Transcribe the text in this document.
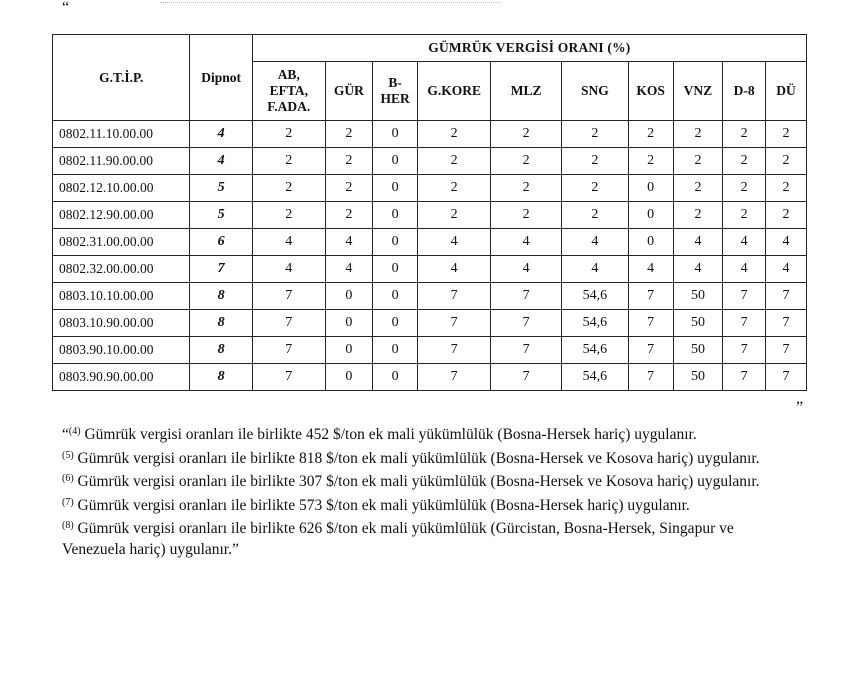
“
G.T.İ.P.	Dipnot	GÜMRÜK VERGİSİ ORANI (%)									
		AB,
EFTA,
F.ADA.	GÜR	B-
HER	G.KORE	MLZ	SNG	KOS	VNZ	D-8	DÜ
0802.11.10.00.00	4	2	2	0	2	2	2	2	2	2	2
0802.11.90.00.00	4	2	2	0	2	2	2	2	2	2	2
0802.12.10.00.00	5	2	2	0	2	2	2	0	2	2	2
0802.12.90.00.00	5	2	2	0	2	2	2	0	2	2	2
0802.31.00.00.00	6	4	4	0	4	4	4	0	4	4	4
0802.32.00.00.00	7	4	4	0	4	4	4	4	4	4	4
0803.10.10.00.00	8	7	0	0	7	7	54,6	7	50	7	7
0803.10.90.00.00	8	7	0	0	7	7	54,6	7	50	7	7
0803.90.10.00.00	8	7	0	0	7	7	54,6	7	50	7	7
0803.90.90.00.00	8	7	0	0	7	7	54,6	7	50	7	7
”

“$^{(4)}$ Gümrük vergisi oranları ile birlikte 452 $/ton ek mali yükümlülük (Bosna-Hersek hariç) uygulanır.

$^{(5)}$ Gümrük vergisi oranları ile birlikte 818 $/ton ek mali yükümlülük (Bosna-Hersek ve Kosova hariç) uygulanır.

$^{(6)}$ Gümrük vergisi oranları ile birlikte 307 $/ton ek mali yükümlülük (Bosna-Hersek ve Kosova hariç) uygulanır.

$^{(7)}$ Gümrük vergisi oranları ile birlikte 573 $/ton ek mali yükümlülük (Bosna-Hersek hariç) uygulanır.

$^{(8)}$ Gümrük vergisi oranları ile birlikte 626 $/ton ek mali yükümlülük (Gürcistan, Bosna-Hersek, Singapur ve Venezuela hariç) uygulanır.”
